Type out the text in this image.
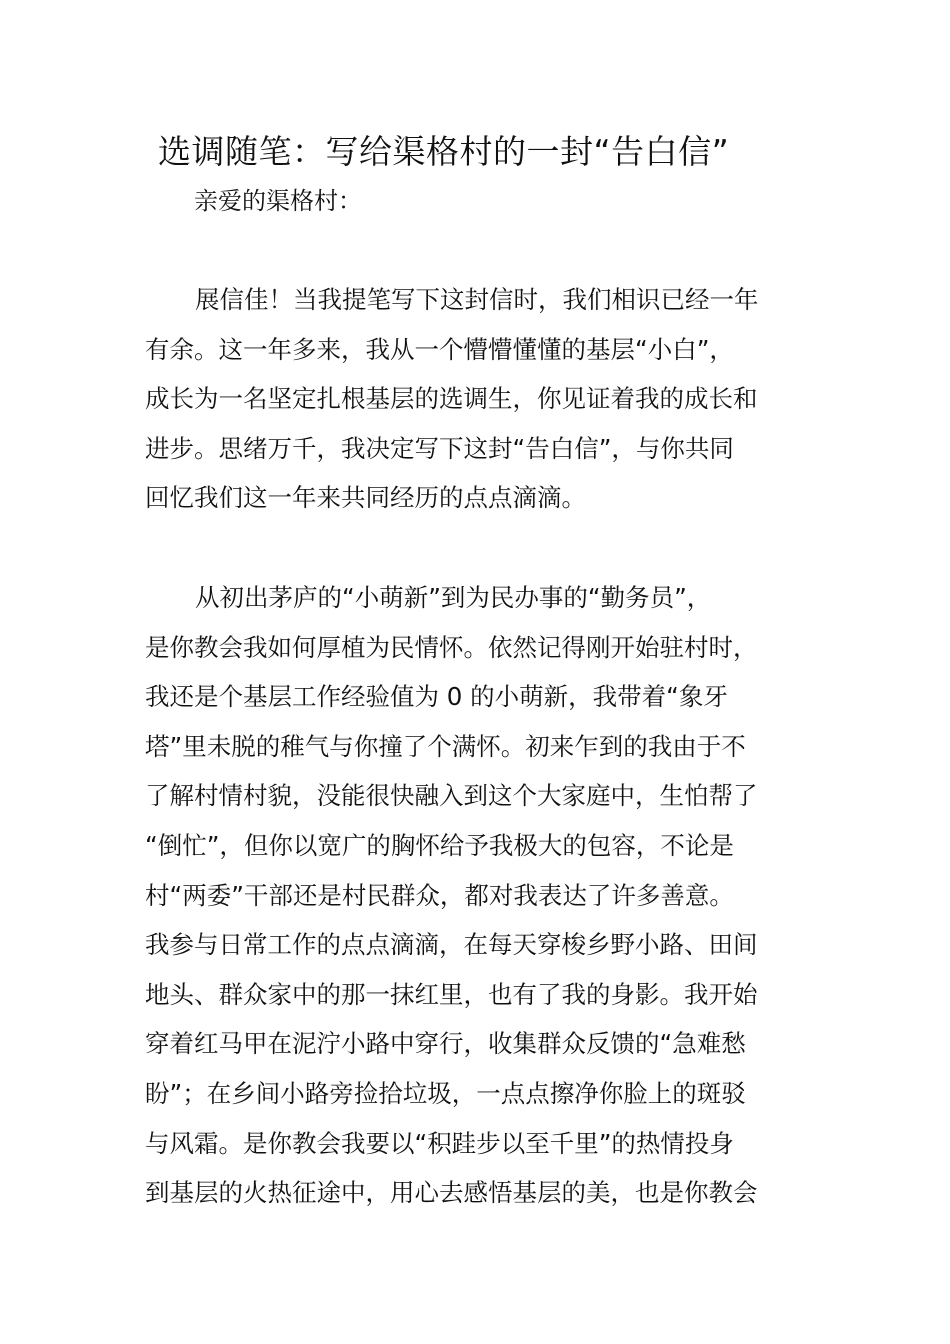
选调随笔：写给渠格村的一封“告白信”
亲爱的渠格村：
展信佳！当我提笔写下这封信时，我们相识已经一年
有余。这一年多来，我从一个懵懵懂懂的基层“小白”，
成长为一名坚定扎根基层的选调生，你见证着我的成长和
进步。思绪万千，我决定写下这封“告白信”，与你共同
回忆我们这一年来共同经历的点点滴滴。
从初出茅庐的“小萌新”到为民办事的“勤务员”，
是你教会我如何厚植为民情怀。依然记得刚开始驻村时，
我还是个基层工作经验值为 0 的小萌新，我带着“象牙
塔”里未脱的稚气与你撞了个满怀。初来乍到的我由于不
了解村情村貌，没能很快融入到这个大家庭中，生怕帮了
“倒忙”，但你以宽广的胸怀给予我极大的包容，不论是
村“两委”干部还是村民群众，都对我表达了许多善意。
我参与日常工作的点点滴滴，在每天穿梭乡野小路、田间
地头、群众家中的那一抹红里，也有了我的身影。我开始
穿着红马甲在泥泞小路中穿行，收集群众反馈的“急难愁
盼”；在乡间小路旁捡拾垃圾，一点点擦净你脸上的斑驳
与风霜。是你教会我要以“积跬步以至千里”的热情投身
到基层的火热征途中，用心去感悟基层的美，也是你教会
